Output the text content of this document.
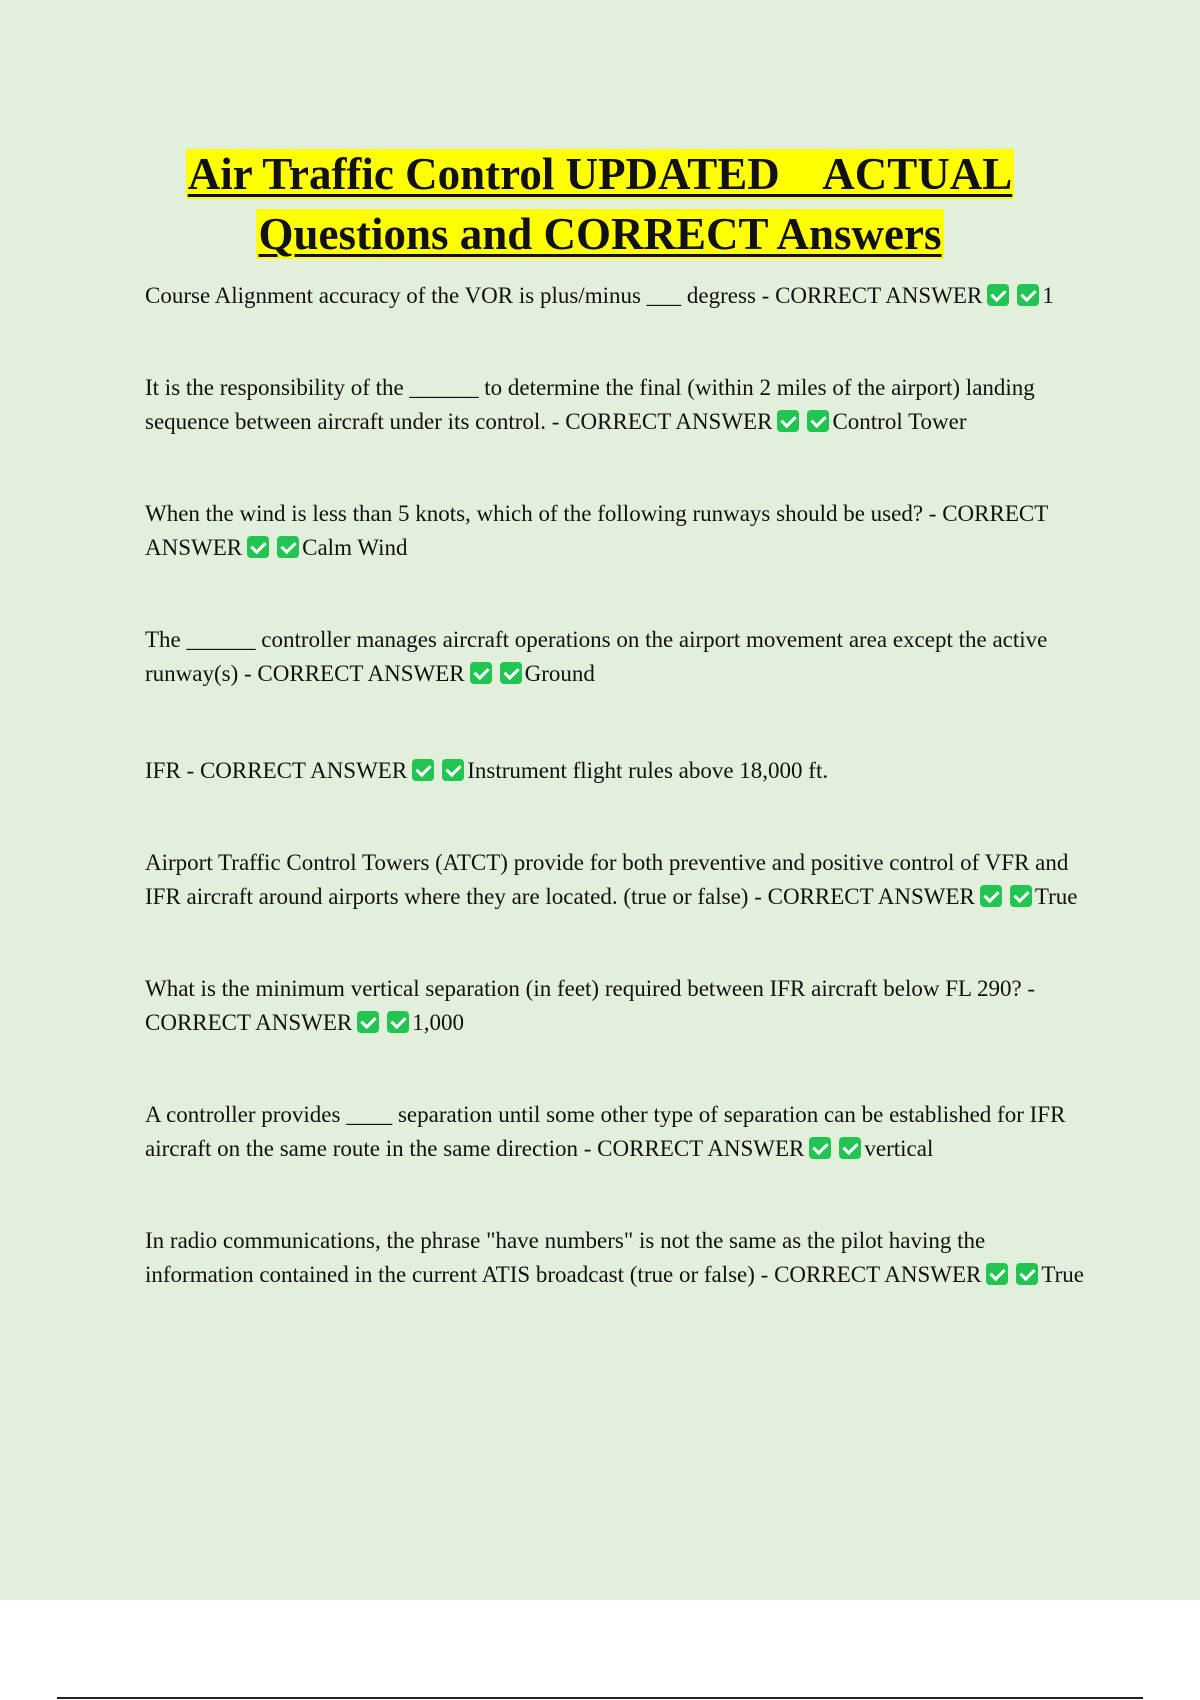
Air Traffic Control UPDATED    ACTUAL
Questions and CORRECT Answers

Course Alignment accuracy of the VOR is plus/minus ___ degress - CORRECT ANSWER	1

It is the responsibility of the ______ to determine the final (within 2 miles of the airport) landing sequence between aircraft under its control. - CORRECT ANSWER	Control Tower

When the wind is less than 5 knots, which of the following runways should be used? - CORRECT ANSWER	Calm Wind

The ______ controller manages aircraft operations on the airport movement area except the active runway(s) - CORRECT ANSWER	Ground

IFR - CORRECT ANSWER	Instrument flight rules above 18,000 ft.

Airport Traffic Control Towers (ATCT) provide for both preventive and positive control of VFR and IFR aircraft around airports where they are located. (true or false) - CORRECT ANSWER	True

What is the minimum vertical separation (in feet) required between IFR aircraft below FL 290? - CORRECT ANSWER	1,000

A controller provides ____ separation until some other type of separation can be established for IFR aircraft on the same route in the same direction - CORRECT ANSWER	vertical

In radio communications, the phrase "have numbers" is not the same as the pilot having the information contained in the current ATIS broadcast (true or false) - CORRECT ANSWER	True
